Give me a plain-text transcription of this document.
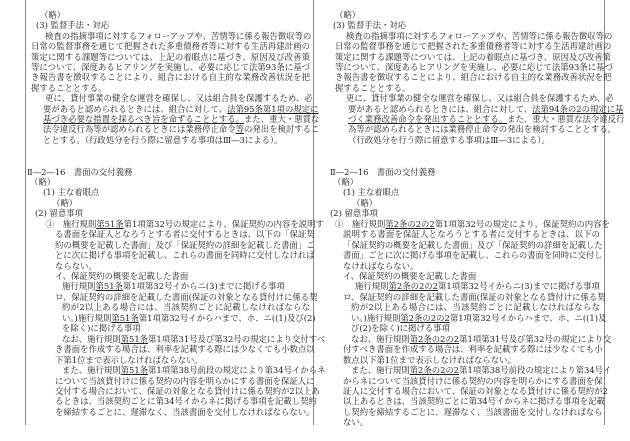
（略）
(3) 監督手法・対応
検査の指摘事項に対するフォローアップや、苦情等に係る報告徴収等の
日常の監督事務を通じて把握された多重債務者等に対する生活再建計画の
策定に関する課題等については、上記の着眼点に基づき、原因及び改善策
等について、深度あるヒアリングを実施し、必要に応じて法第93条に基づ
き報告書を徴収することにより、組合における自主的な業務改善状況を把
握することとする。
更に、貸付事業の健全な運営を確保し、又は組合員を保護するため、必
要があると認められるときには、組合に対して、法第95条第1項の規定に
基づき必要な措置を採るべき旨を命ずることとする。また、重大・悪質な
法令違反行為等が認められるときには業務停止命令等の発出を検討するこ
ととする。（行政処分を行う際に留意する事項はⅢ―3による）。
Ⅱ―2―16　書面の交付義務
（略）
(1) 主な着眼点
（略）
(2) 留意事項
①　施行規則第51条第1項第32号の規定により、保証契約の内容を説明す
る書面を保証人となろうとする者に交付するときは、以下の「保証契
約の概要を記載した書面」及び「保証契約の詳細を記載した書面」ご
とに次に掲げる事項を記載し、これらの書面を同時に交付しなければ
ならない。
イ、保証契約の概要を記載した書面
施行規則第51条第1項第32号イからニ(3)までに掲げる事項
ロ、保証契約の詳細を記載した書面(保証の対象となる貸付けに係る契
約が2以上ある場合には、当該契約ごとに記載しなければならな
い。)施行規則第51条第1項第32号イからハまで、ホ、ニ((1)及び(2)
を除く)に掲げる事項
なお、施行規則第51条第1項第31号及び第32号の規定により交付すべ
き書面を作成する場合は、利率を記載する際には少なくても小数点以
下第1位まで表示しなければならない。
また、施行規則第51条第1項第38号前段の規定により第34号イからネ
について当該貸付けに係る契約の内容を明らかにする書面を保証人に
交付する場合において、保証の対象となる貸付けに係る契約が2以上あ
るときは、当該契約ごとに第34号イからネに掲げる事項を記載し契約
を締結するごとに、遅滞なく、当該書面を交付しなければならない。
（略）
(3) 監督手法・対応
検査の指摘事項に対するフォローアップや、苦情等に係る報告徴収等の
日常の監督事務を通じて把握された多重債務者等に対する生活再建計画の
策定に関する課題等については、上記の着眼点に基づき、原因及び改善策
等について、深度あるヒアリングを実施し、必要に応じて法第93条に基づ
き報告書を徴収することにより、組合における自主的な業務改善状況を把
握することとする。
更に、貸付事業の健全な運営を確保し、又は組合員を保護するため、必
要があると認められるときには、組合に対して、法第94条の2の規定に基
づく業務改善命令を発出することとする。また、重大・悪質な法令違反行
為等が認められるときには業務停止命令の発出を検討することとする。
（行政処分を行う際に留意する事項はⅢ―3による）。
Ⅱ―2―16　書面の交付義務
（略）
(1) 主な着眼点
（略）
(2) 留意事項
①　施行規則第2条の2の2第1項第32号の規定により、保証契約の内容を
説明する書面を保証人となろうとする者に交付するときは、以下の
「保証契約の概要を記載した書面」及び「保証契約の詳細を記載した
書面」ごとに次に掲げる事項を記載し、これらの書面を同時に交付し
なければならない。
イ、保証契約の概要を記載した書面
施行規則第2条の2の2第1項第32号イからニ(3)までに掲げる事項
ロ、保証契約の詳細を記載した書面(保証の対象となる貸付けに係る契
約が2以上ある場合には、当該契約ごとに記載しなければならな
い。)施行規則第2条の2の2第1項第32号イからハまで、ホ、ニ((1)及
び(2)を除く)に掲げる事項
なお、施行規則第2条の2の2第1項第31号及び第32号の規定により交
付すべき書面を作成する場合は、利率を記載する際には少なくても小
数点以下第1位まで表示しなければならない。
また、施行規則第2条の2の2第1項第38号前段の規定により第34号イ
からネについて当該貸付けに係る契約の内容を明らかにする書面を保
証人に交付する場合において、保証の対象となる貸付けに係る契約が2
以上あるときは、当該契約ごとに第34号イからネに掲げる事項を記載
し契約を締結するごとに、遅滞なく、当該書面を交付しなければなら
ない。
